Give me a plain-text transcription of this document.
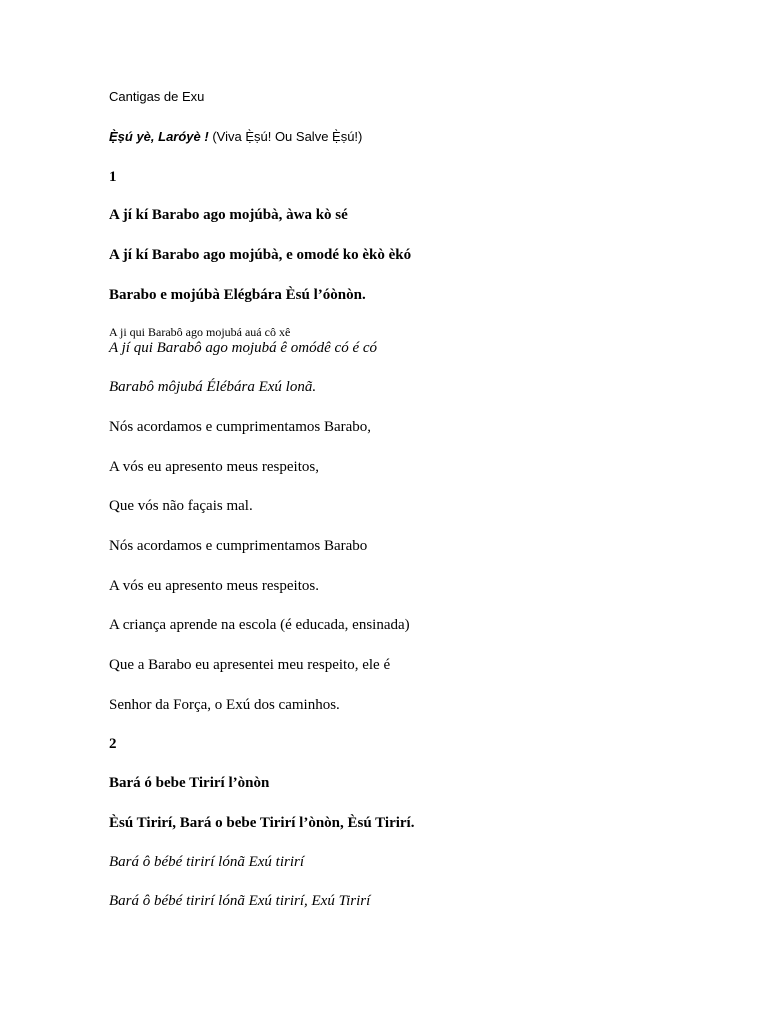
Cantigas de Exu
Ẹ̀ṣú yè, Laróyè ! (Viva Ẹ̀ṣú! Ou Salve Ẹ̀ṣú!)
1
A jí kí Barabo ago mojúbà, àwa kò sé
A jí kí Barabo ago mojúbà, e omodé ko èkò èkó
Barabo e mojúbà Elégbára Èsú l’óònòn.
A ji qui Barabô ago mojubá auá cô xê
A jí qui Barabô ago mojubá ê omódê có é có
Barabô môjubá Élébára Exú lonã.
Nós acordamos e cumprimentamos Barabo,
A vós eu apresento meus respeitos,
Que vós não façais mal.
Nós acordamos e cumprimentamos Barabo
A vós eu apresento meus respeitos.
A criança aprende na escola (é educada, ensinada)
Que a Barabo eu apresentei meu respeito, ele é
Senhor da Força, o Exú dos caminhos.
2
Bará ó bebe Tirirí l’ònòn
Èsú Tirirí, Bará o bebe Tirirí l’ònòn, Èsú Tirirí.
Bará ô bébé tirirí lónã Exú tirirí
Bará ô bébé tirirí lónã Exú tirirí, Exú Tirirí
